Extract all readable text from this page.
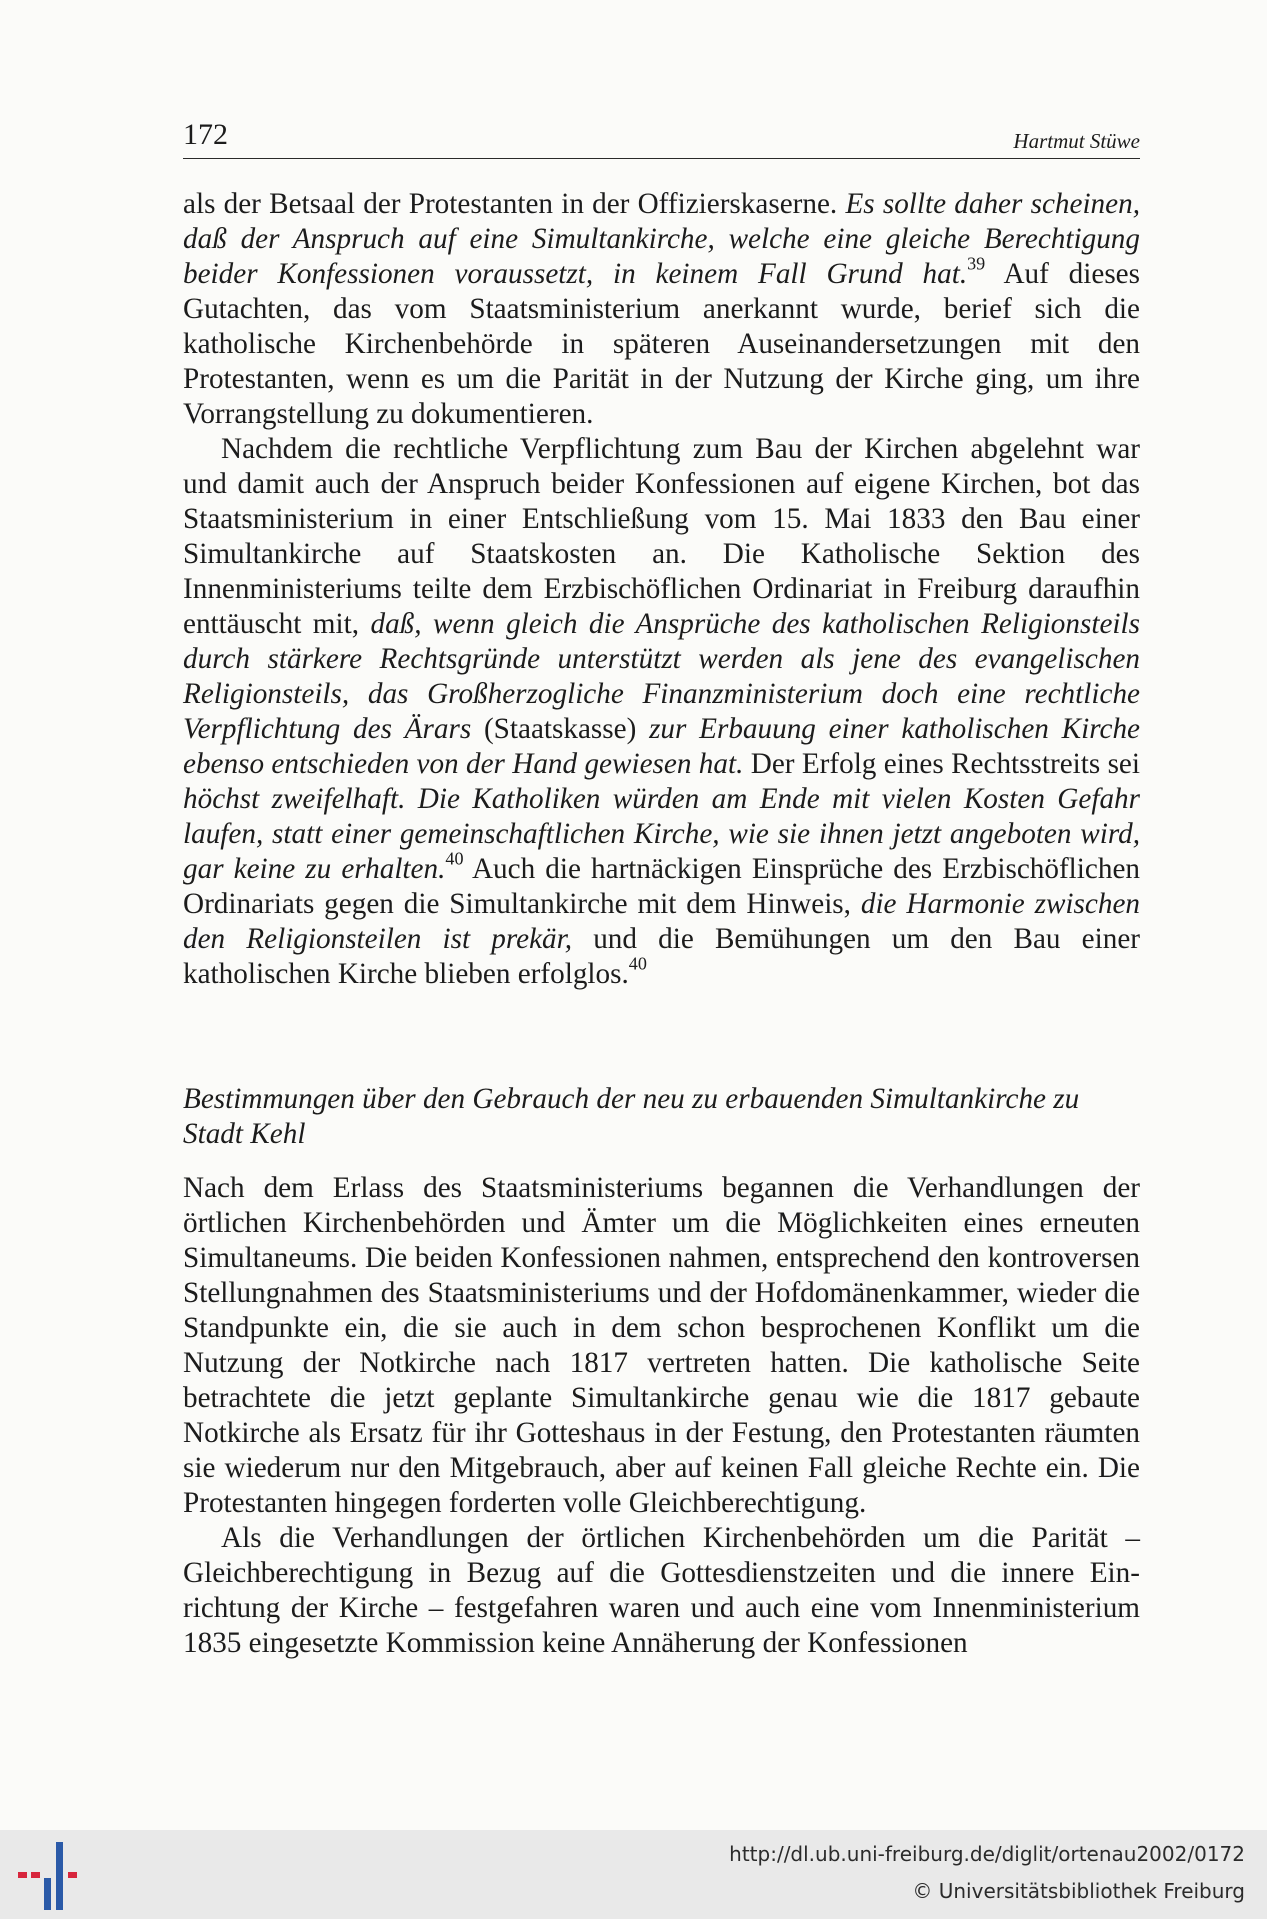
172	Hartmut Stüwe

als der Betsaal der Protestanten in der Offizierskaserne. Es sollte daher scheinen, daß der Anspruch auf eine Simultankirche, welche eine gleiche Berechtigung beider Konfessionen voraussetzt, in keinem Fall Grund hat.$^{39}$ Auf dieses Gutachten, das vom Staatsministerium anerkannt wurde, berief sich die katholische Kirchenbehörde in späteren Auseinandersetzungen mit den Protestanten, wenn es um die Parität in der Nutzung der Kirche ging, um ihre Vorrangstellung zu dokumentieren.

Nachdem die rechtliche Verpflichtung zum Bau der Kirchen abgelehnt war und damit auch der Anspruch beider Konfessionen auf eigene Kirchen, bot das Staatsministerium in einer Entschließung vom 15. Mai 1833 den Bau einer Simultankirche auf Staatskosten an. Die Katholische Sektion des Innenministeriums teilte dem Erzbischöflichen Ordinariat in Freiburg daraufhin enttäuscht mit, daß, wenn gleich die Ansprüche des katholischen Religionsteils durch stärkere Rechtsgründe unterstützt werden als jene des evangelischen Religionsteils, das Großherzogliche Finanzministerium doch eine rechtliche Verpflichtung des Ärars (Staatskasse) zur Erbauung einer katholischen Kirche ebenso entschieden von der Hand gewiesen hat. Der Erfolg eines Rechtsstreits sei höchst zweifelhaft. Die Katholiken würden am Ende mit vielen Kosten Gefahr laufen, statt einer gemeinschaftlichen Kirche, wie sie ihnen jetzt angeboten wird, gar keine zu erhalten.$^{40}$ Auch die hartnäckigen Einsprüche des Erzbischöflichen Ordinariats gegen die Simultankirche mit dem Hinweis, die Harmonie zwischen den Religionsteilen ist prekär, und die Bemühungen um den Bau einer katholischen Kirche blieben erfolglos.$^{40}$

Bestimmungen über den Gebrauch der neu zu erbauenden Simultankirche zu Stadt Kehl

Nach dem Erlass des Staatsministeriums begannen die Verhandlungen der örtlichen Kirchenbehörden und Ämter um die Möglichkeiten eines erneuten Simultaneums. Die beiden Konfessionen nahmen, entsprechend den kontroversen Stellungnahmen des Staatsministeriums und der Hofdomänenkammer, wieder die Standpunkte ein, die sie auch in dem schon besprochenen Konflikt um die Nutzung der Notkirche nach 1817 vertreten hatten. Die katholische Seite betrachtete die jetzt geplante Simultankirche genau wie die 1817 gebaute Notkirche als Ersatz für ihr Gotteshaus in der Festung, den Protestanten räumten sie wiederum nur den Mitgebrauch, aber auf keinen Fall gleiche Rechte ein. Die Protestanten hingegen forderten volle Gleichberechtigung.

Als die Verhandlungen der örtlichen Kirchenbehörden um die Parität – Gleichberechtigung in Bezug auf die Gottesdienstzeiten und die innere Einrichtung der Kirche – festgefahren waren und auch eine vom Innenministerium 1835 eingesetzte Kommission keine Annäherung der Konfessionen

http://dl.ub.uni-freiburg.de/diglit/ortenau2002/0172
© Universitätsbibliothek Freiburg
